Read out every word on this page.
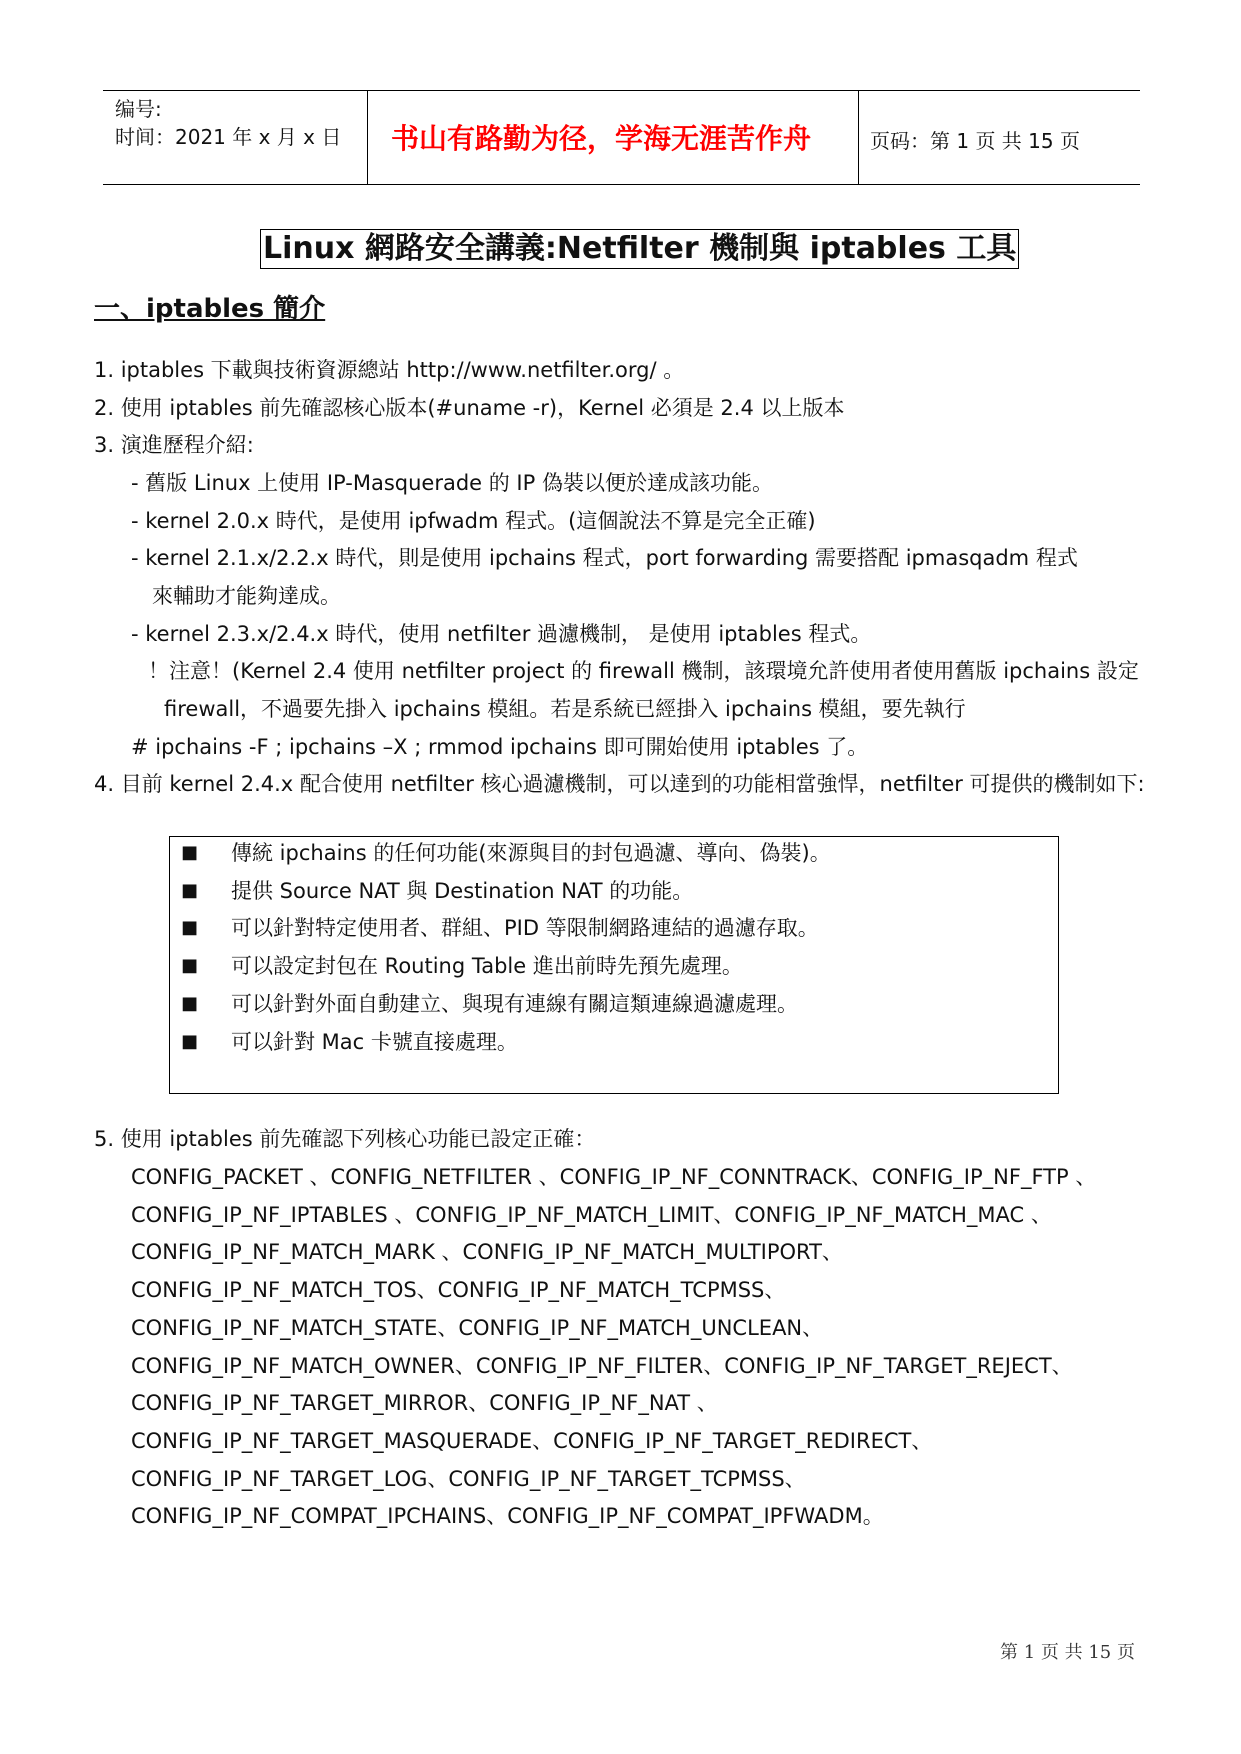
编号:
时间：2021 年 x 月 x 日 书山有路勤为径，学海无涯苦作舟	页码：第 1 页 共 15 页
Linux 網路安全講義:Netfilter 機制與 iptables 工具
一、iptables 簡介
1. iptables 下載與技術資源總站 http://www.netfilter.org/ 。
2. 使用 iptables 前先確認核心版本(#uname -r)，Kernel 必須是 2.4 以上版本
3. 演進歷程介紹:
- 舊版 Linux 上使用 IP-Masquerade 的 IP 偽裝以便於達成該功能。
- kernel 2.0.x 時代，是使用 ipfwadm 程式。(這個說法不算是完全正確)
- kernel 2.1.x/2.2.x 時代，則是使用 ipchains 程式，port forwarding 需要搭配 ipmasqadm 程式
來輔助才能夠達成。
- kernel 2.3.x/2.4.x 時代，使用 netfilter 過濾機制， 是使用 iptables 程式。
！注意！(Kernel 2.4 使用 netfilter project 的 firewall 機制，該環境允許使用者使用舊版 ipchains 設定
firewall，不過要先掛入 ipchains 模組。若是系統已經掛入 ipchains 模組，要先執行
# ipchains -F ; ipchains –X ; rmmod ipchains 即可開始使用 iptables 了。
4. 目前 kernel 2.4.x 配合使用 netfilter 核心過濾機制，可以達到的功能相當強悍，netfilter 可提供的機制如下:
■ 傳統 ipchains 的任何功能(來源與目的封包過濾、導向、偽裝)。
■ 提供 Source NAT 與 Destination NAT 的功能。
■ 可以針對特定使用者、群組、PID 等限制網路連結的過濾存取。
■ 可以設定封包在 Routing Table 進出前時先預先處理。
■ 可以針對外面自動建立、與現有連線有關這類連線過濾處理。
■ 可以針對 Mac 卡號直接處理。
5. 使用 iptables 前先確認下列核心功能已設定正確：
CONFIG_PACKET 、CONFIG_NETFILTER 、CONFIG_IP_NF_CONNTRACK、CONFIG_IP_NF_FTP 、
CONFIG_IP_NF_IPTABLES 、CONFIG_IP_NF_MATCH_LIMIT、CONFIG_IP_NF_MATCH_MAC 、
CONFIG_IP_NF_MATCH_MARK 、CONFIG_IP_NF_MATCH_MULTIPORT、
CONFIG_IP_NF_MATCH_TOS、CONFIG_IP_NF_MATCH_TCPMSS、
CONFIG_IP_NF_MATCH_STATE、CONFIG_IP_NF_MATCH_UNCLEAN、
CONFIG_IP_NF_MATCH_OWNER、CONFIG_IP_NF_FILTER、CONFIG_IP_NF_TARGET_REJECT、
CONFIG_IP_NF_TARGET_MIRROR、CONFIG_IP_NF_NAT 、
CONFIG_IP_NF_TARGET_MASQUERADE、CONFIG_IP_NF_TARGET_REDIRECT、
CONFIG_IP_NF_TARGET_LOG、CONFIG_IP_NF_TARGET_TCPMSS、
CONFIG_IP_NF_COMPAT_IPCHAINS、CONFIG_IP_NF_COMPAT_IPFWADM。
第 1 页 共 15 页
